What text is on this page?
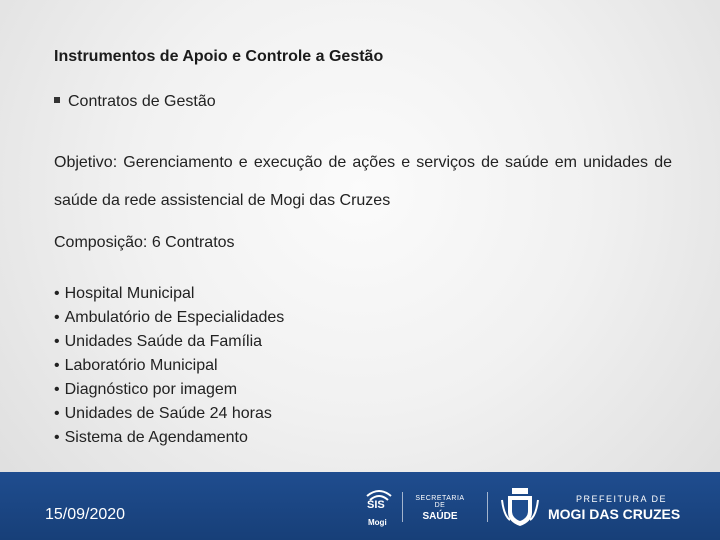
Instrumentos de Apoio e Controle a Gestão
Contratos de Gestão
Objetivo: Gerenciamento e execução de ações e serviços de saúde em unidades de saúde da rede assistencial de Mogi das Cruzes
Composição: 6 Contratos
• Hospital Municipal
• Ambulatório de Especialidades
• Unidades Saúde da Família
• Laboratório Municipal
• Diagnóstico por imagem
• Unidades de Saúde 24 horas
• Sistema de Agendamento
15/09/2020
SIS
Mogi
SECRETARIA DE
SAÚDE
PREFEITURA DE
MOGI DAS CRUZES
